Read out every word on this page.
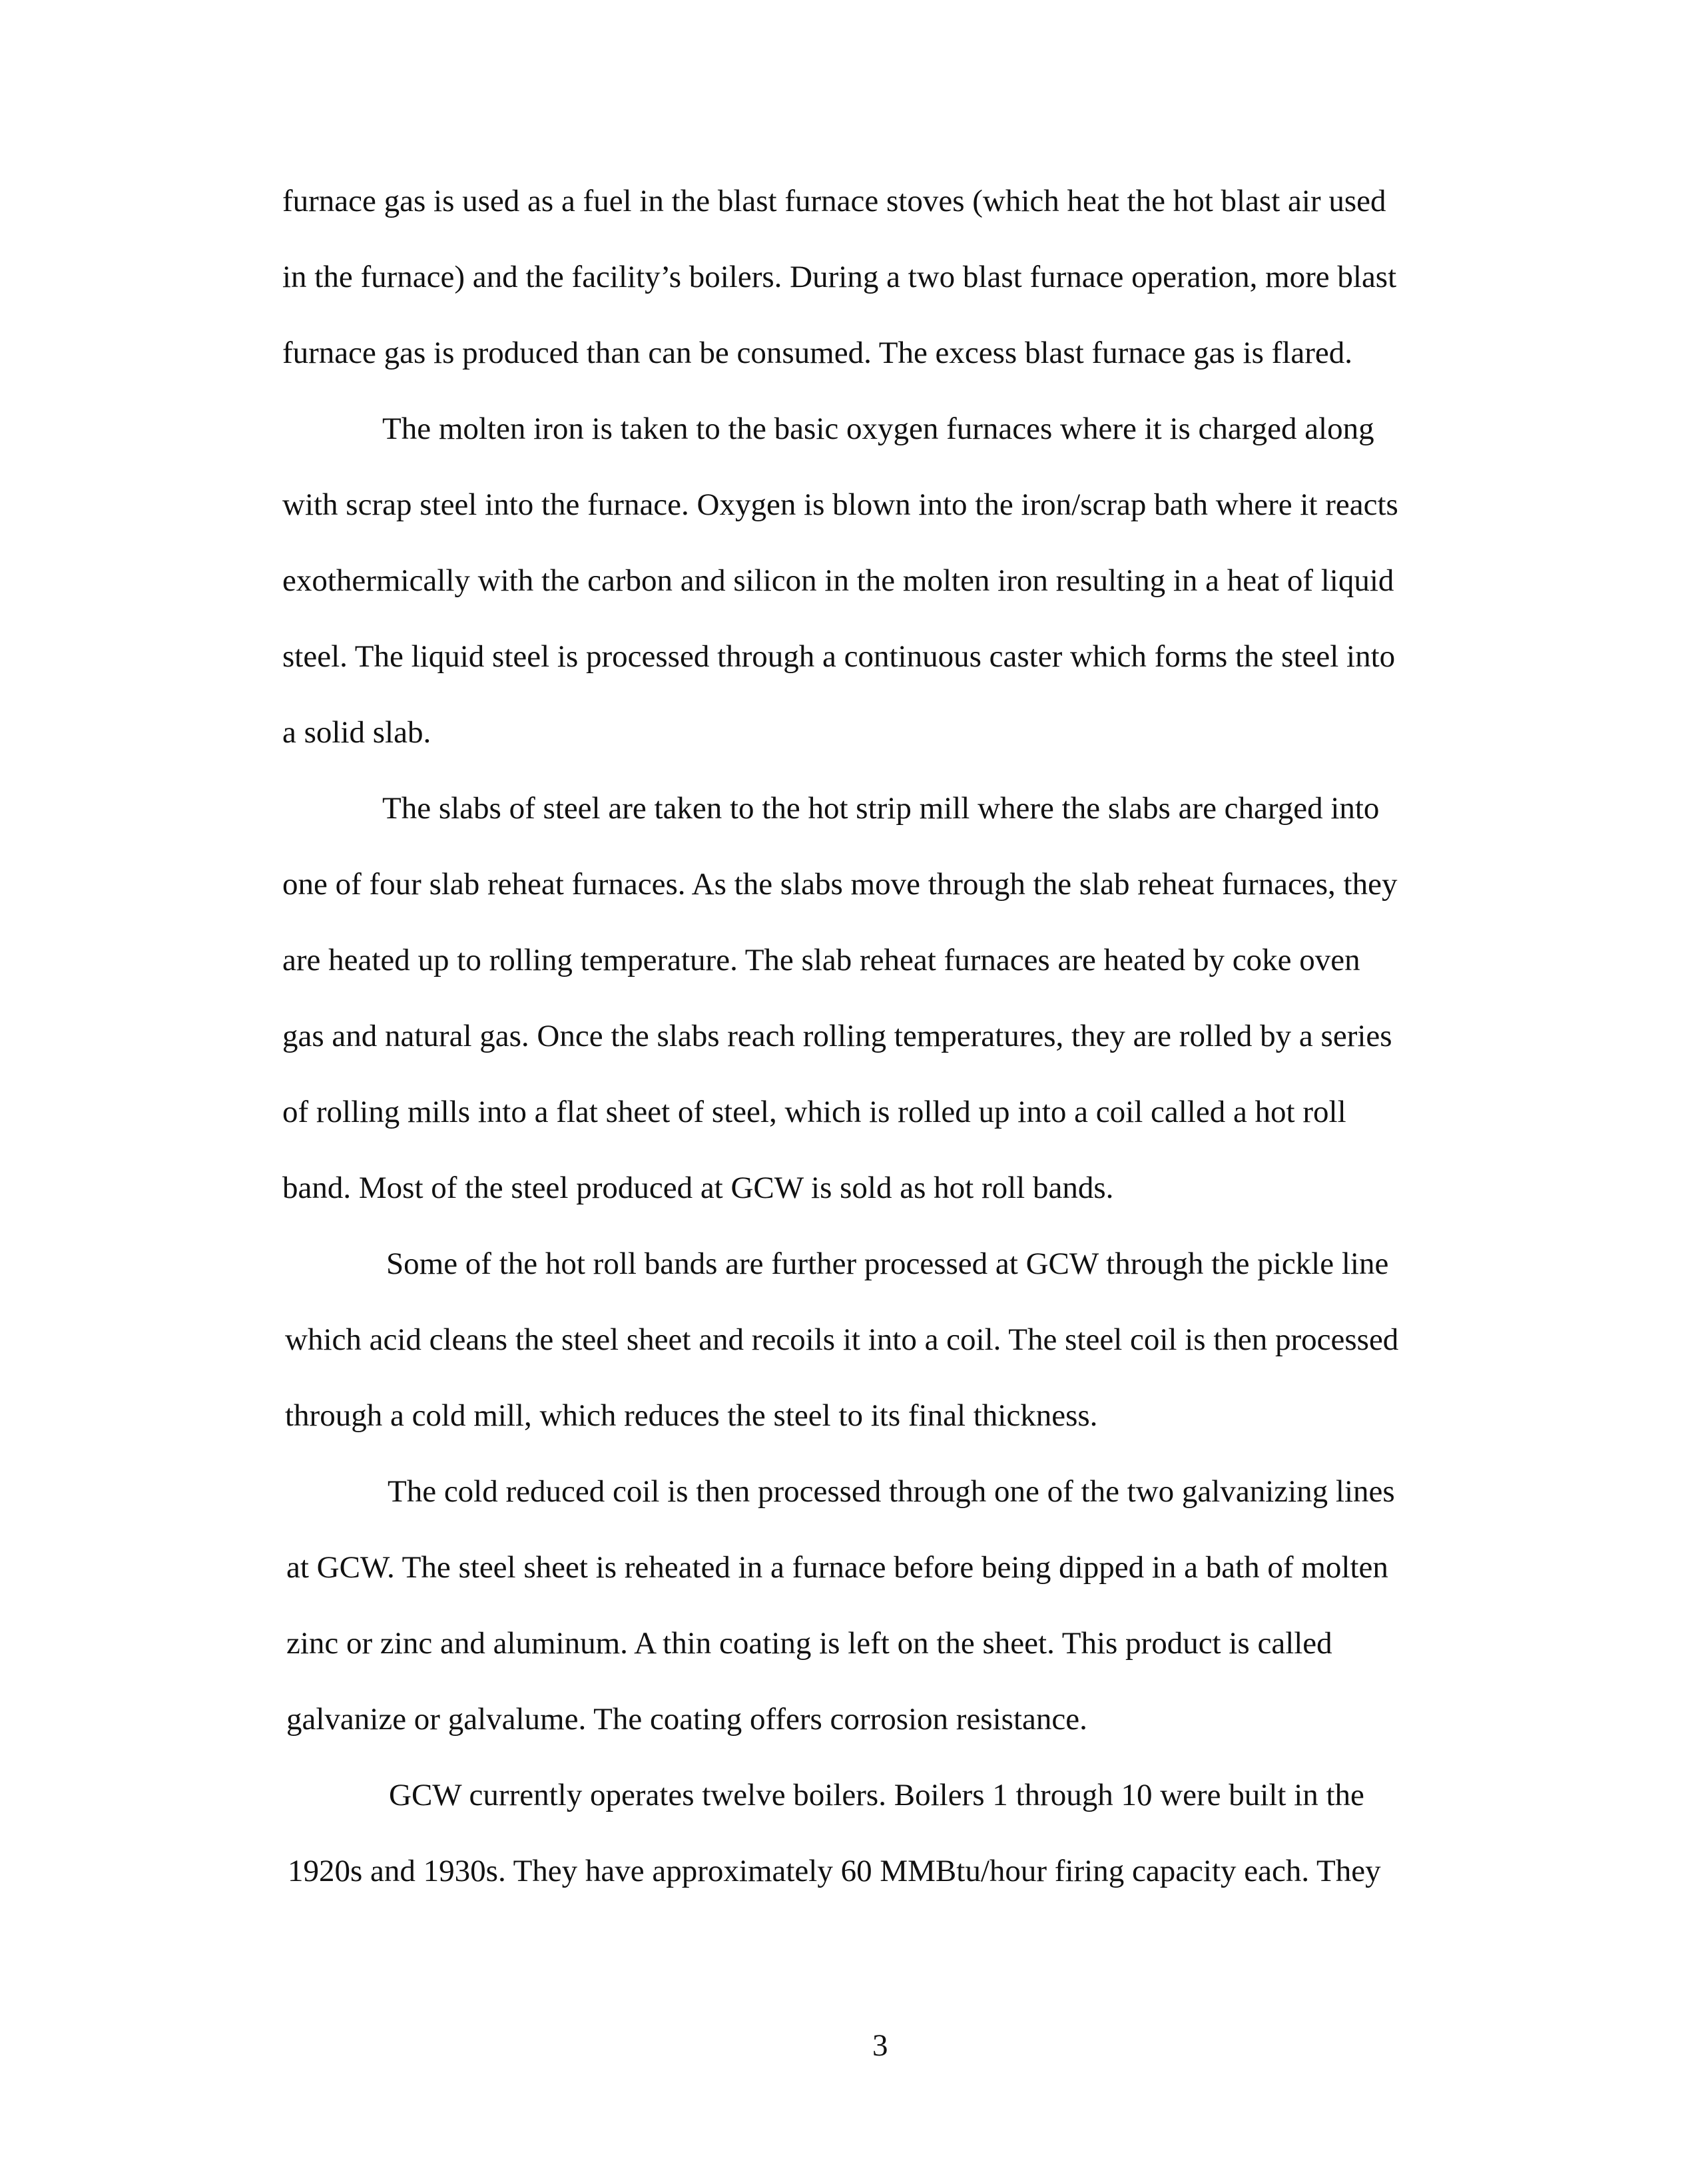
furnace gas is used as a fuel in the blast furnace stoves (which heat the hot blast air used
in the furnace) and the facility’s boilers. During a two blast furnace operation, more blast
furnace gas is produced than can be consumed. The excess blast furnace gas is flared.
The molten iron is taken to the basic oxygen furnaces where it is charged along
with scrap steel into the furnace. Oxygen is blown into the iron/scrap bath where it reacts
exothermically with the carbon and silicon in the molten iron resulting in a heat of liquid
steel. The liquid steel is processed through a continuous caster which forms the steel into
a solid slab.
The slabs of steel are taken to the hot strip mill where the slabs are charged into
one of four slab reheat furnaces. As the slabs move through the slab reheat furnaces, they
are heated up to rolling temperature. The slab reheat furnaces are heated by coke oven
gas and natural gas. Once the slabs reach rolling temperatures, they are rolled by a series
of rolling mills into a flat sheet of steel, which is rolled up into a coil called a hot roll
band. Most of the steel produced at GCW is sold as hot roll bands.
Some of the hot roll bands are further processed at GCW through the pickle line
which acid cleans the steel sheet and recoils it into a coil. The steel coil is then processed
through a cold mill, which reduces the steel to its final thickness.
The cold reduced coil is then processed through one of the two galvanizing lines
at GCW. The steel sheet is reheated in a furnace before being dipped in a bath of molten
zinc or zinc and aluminum. A thin coating is left on the sheet. This product is called
galvanize or galvalume. The coating offers corrosion resistance.
GCW currently operates twelve boilers. Boilers 1 through 10 were built in the
1920s and 1930s. They have approximately 60 MMBtu/hour firing capacity each. They
3
